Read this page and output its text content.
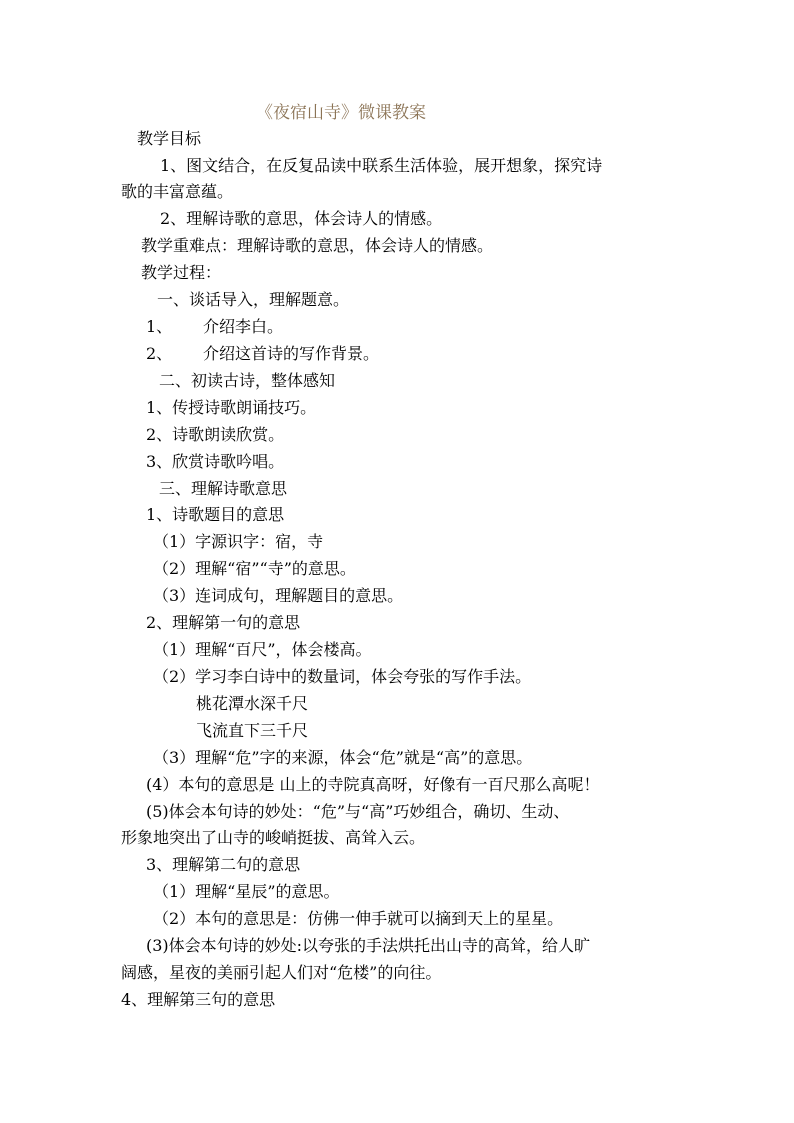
《夜宿山寺》微课教案
教学目标
1、图文结合，在反复品读中联系生活体验，展开想象，探究诗
歌的丰富意蕴。
2、理解诗歌的意思，体会诗人的情感。
教学重难点：理解诗歌的意思，体会诗人的情感。
教学过程：
一、谈话导入，理解题意。
1、 介绍李白。
2、 介绍这首诗的写作背景。
二、初读古诗，整体感知
1、传授诗歌朗诵技巧。
2、诗歌朗读欣赏。
3、欣赏诗歌吟唱。
三、理解诗歌意思
1、诗歌题目的意思
（1）字源识字：宿，寺
（2）理解“宿”“寺”的意思。
（3）连词成句，理解题目的意思。
2、理解第一句的意思
（1）理解“百尺”，体会楼高。
（2）学习李白诗中的数量词，体会夸张的写作手法。
桃花潭水深千尺
飞流直下三千尺
（3）理解“危”字的来源，体会“危”就是“高”的意思。
(4）本句的意思是 山上的寺院真高呀，好像有一百尺那么高呢！
(5)体会本句诗的妙处：“危”与“高”巧妙组合，确切、生动、
形象地突出了山寺的峻峭挺拔、高耸入云。
3、理解第二句的意思
（1）理解“星辰”的意思。
（2）本句的意思是：仿佛一伸手就可以摘到天上的星星。
(3)体会本句诗的妙处:以夸张的手法烘托出山寺的高耸，给人旷
阔感，星夜的美丽引起人们对“危楼”的向往。
4、理解第三句的意思
